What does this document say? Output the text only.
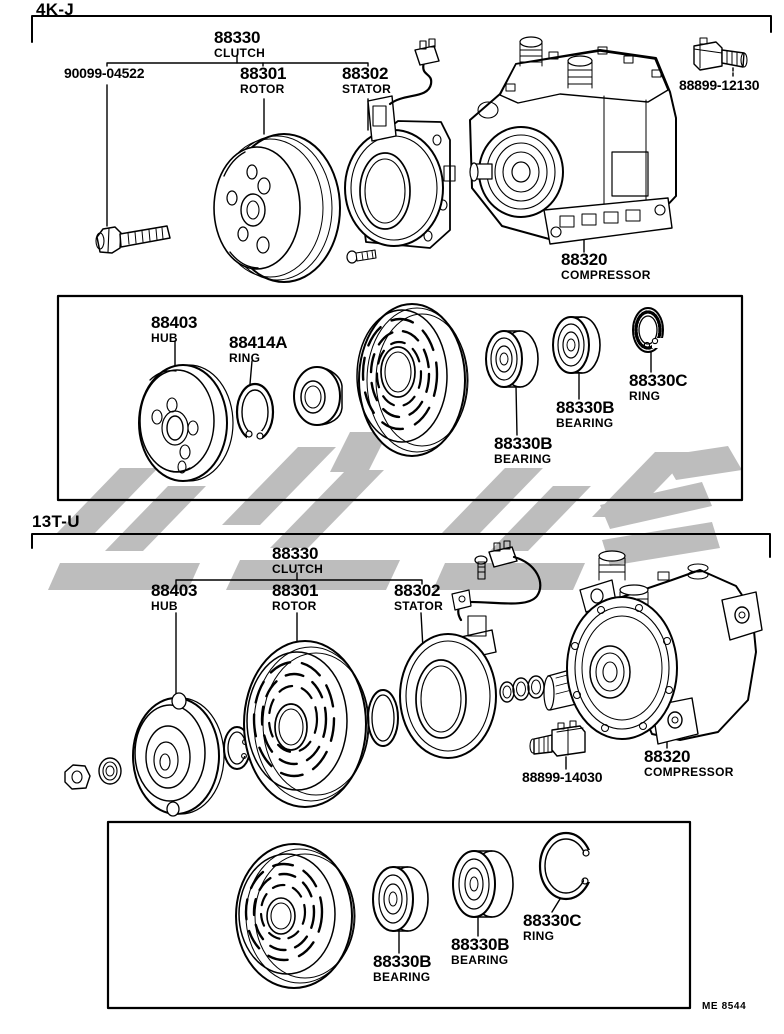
4K-J
88330
CLUTCH
90099-04522	88301
ROTOR
88302
STATOR	88899-12130
88320
COMPRESSOR
88403
HUB	88414A
RING
88330B
BEARING
88330B
BEARING
88330C
RING
13T-U
88330
CLUTCH
88403
HUB
88301
ROTOR
88302
STATOR
88899-14030
88320
COMPRESSOR
88330B
BEARING
88330B
BEARING
88330C
RING
ME 8544
